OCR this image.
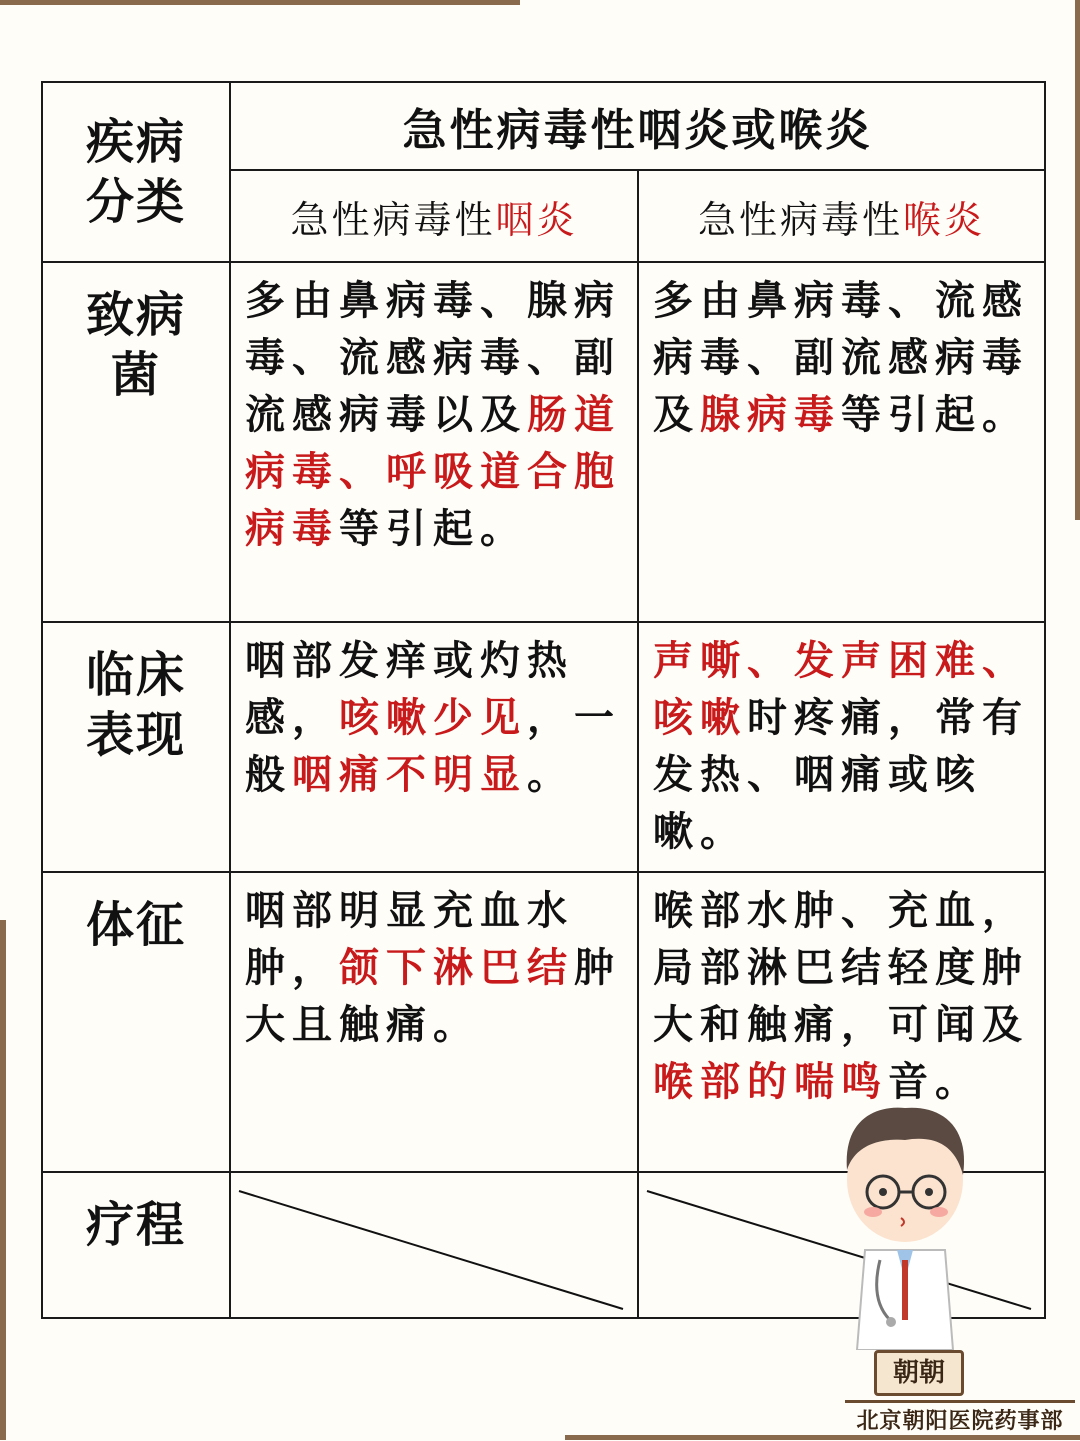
疾病分类	急性病毒性咽炎或喉炎	
	急性病毒性咽炎	急性病毒性喉炎

致病菌	多由鼻病毒、腺病毒、流感病毒、副流感病毒以及肠道病毒、呼吸道合胞病毒等引起。	多由鼻病毒、流感病毒、副流感病毒及腺病毒等引起。

临床表现	咽部发痒或灼热感，咳嗽少见，一般咽痛不明显。	声嘶、发声困难、咳嗽时疼痛，常有发热、咽痛或咳嗽。

体征	咽部明显充血水肿，颌下淋巴结肿大且触痛。	喉部水肿、充血，局部淋巴结轻度肿大和触痛，可闻及喉部的喘鸣音。

疗程

朝朝
北京朝阳医院药事部
